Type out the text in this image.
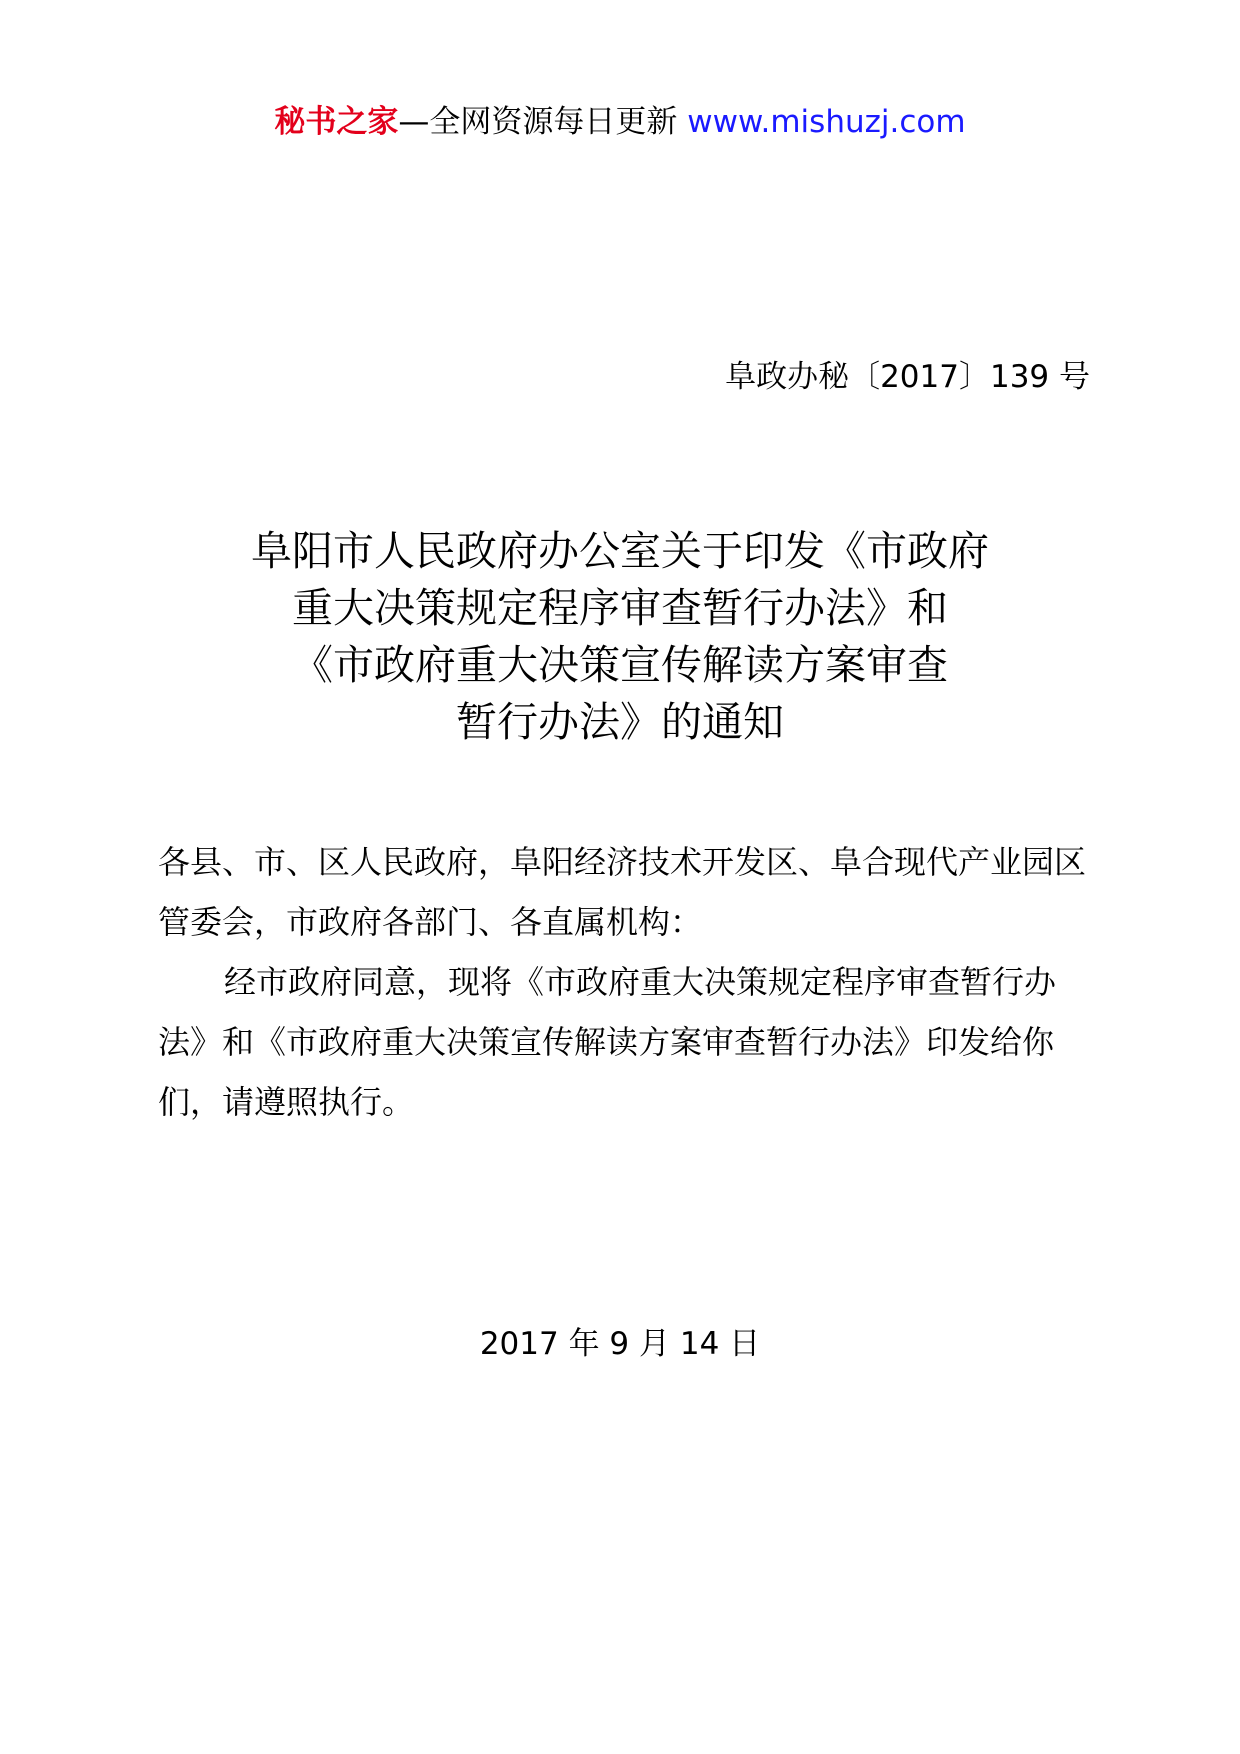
秘书之家—全网资源每日更新 www.mishuzj.com
阜政办秘〔2017〕139 号
阜阳市人民政府办公室关于印发《市政府
重大决策规定程序审查暂行办法》和
《市政府重大决策宣传解读方案审查
暂行办法》的通知

各县、市、区人民政府，阜阳经济技术开发区、阜合现代产业园区管委会，市政府各部门、各直属机构：

经市政府同意，现将《市政府重大决策规定程序审查暂行办法》和《市政府重大决策宣传解读方案审查暂行办法》印发给你们，请遵照执行。

2017 年 9 月 14 日
